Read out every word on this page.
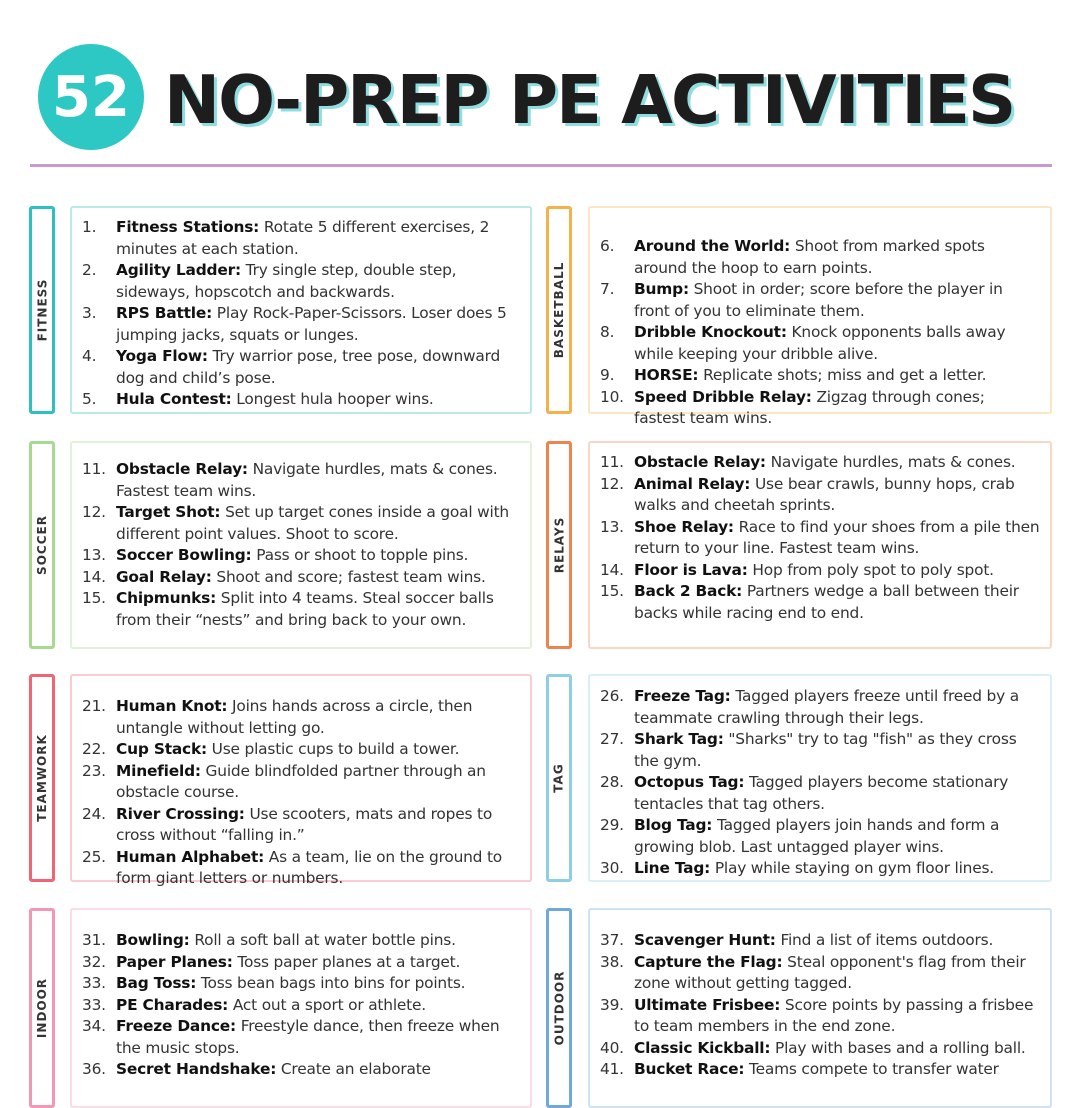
52 NO-PREP PE ACTIVITIES
FITNESS
1.	Fitness Stations: Rotate 5 different exercises, 2 minutes at each station.
2.	Agility Ladder: Try single step, double step, sideways, hopscotch and backwards.
3.	RPS Battle: Play Rock-Paper-Scissors. Loser does 5 jumping jacks, squats or lunges.
4.	Yoga Flow: Try warrior pose, tree pose, downward dog and child’s pose.
5.	Hula Contest: Longest hula hooper wins.
BASKETBALL
6.	Around the World: Shoot from marked spots around the hoop to earn points.
7.	Bump: Shoot in order; score before the player in front of you to eliminate them.
8.	Dribble Knockout: Knock opponents balls away while keeping your dribble alive.
9.	HORSE: Replicate shots; miss and get a letter.
10. Speed Dribble Relay: Zigzag through cones; fastest team wins.
SOCCER
11. Obstacle Relay: Navigate hurdles, mats & cones. Fastest team wins.
12. Target Shot: Set up target cones inside a goal with different point values. Shoot to score.
13. Soccer Bowling: Pass or shoot to topple pins.
14. Goal Relay: Shoot and score; fastest team wins.
15. Chipmunks: Split into 4 teams. Steal soccer balls from their “nests” and bring back to your own.
RELAYS
11. Obstacle Relay: Navigate hurdles, mats & cones.
12. Animal Relay: Use bear crawls, bunny hops, crab walks and cheetah sprints.
13. Shoe Relay: Race to find your shoes from a pile then return to your line. Fastest team wins.
14. Floor is Lava: Hop from poly spot to poly spot.
15. Back 2 Back: Partners wedge a ball between their backs while racing end to end.
TEAMWORK
21. Human Knot: Joins hands across a circle, then untangle without letting go.
22. Cup Stack: Use plastic cups to build a tower.
23. Minefield: Guide blindfolded partner through an obstacle course.
24. River Crossing: Use scooters, mats and ropes to cross without “falling in.”
25. Human Alphabet: As a team, lie on the ground to form giant letters or numbers.
TAG
26. Freeze Tag: Tagged players freeze until freed by a teammate crawling through their legs.
27. Shark Tag: "Sharks" try to tag "fish" as they cross the gym.
28. Octopus Tag: Tagged players become stationary tentacles that tag others.
29. Blog Tag: Tagged players join hands and form a growing blob. Last untagged player wins.
30. Line Tag: Play while staying on gym floor lines.
INDOOR
31. Bowling: Roll a soft ball at water bottle pins.
32. Paper Planes: Toss paper planes at a target.
33. Bag Toss: Toss bean bags into bins for points.
33. PE Charades: Act out a sport or athlete.
34. Freeze Dance: Freestyle dance, then freeze when the music stops.
36. Secret Handshake: Create an elaborate
OUTDOOR
37. Scavenger Hunt: Find a list of items outdoors.
38. Capture the Flag: Steal opponent's flag from their zone without getting tagged.
39. Ultimate Frisbee: Score points by passing a frisbee to team members in the end zone.
40. Classic Kickball: Play with bases and a rolling ball.
41. Bucket Race: Teams compete to transfer water
